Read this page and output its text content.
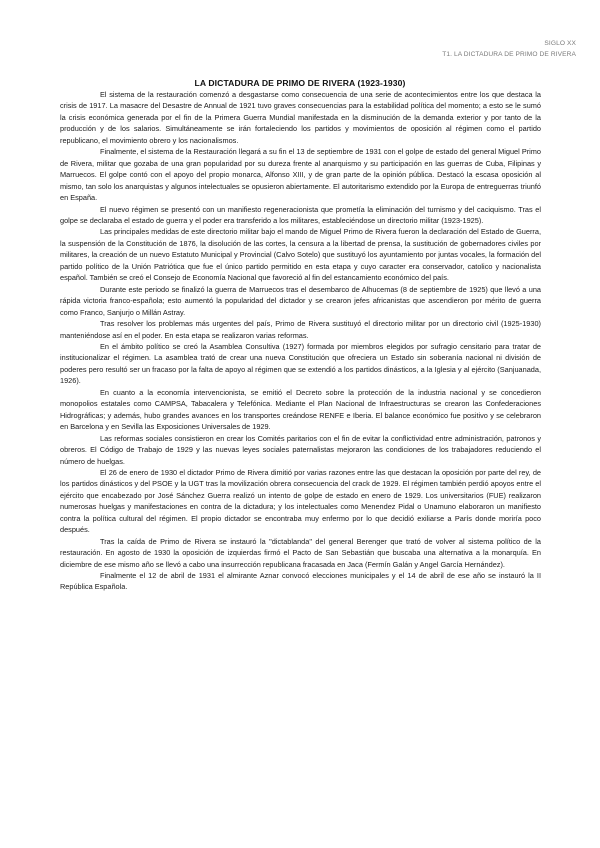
SIGLO XX
T1. LA DICTADURA DE PRIMO DE RIVERA
LA DICTADURA DE PRIMO DE RIVERA (1923-1930)

El sistema de la restauración comenzó a desgastarse como consecuencia de una serie de acontecimientos entre los que destaca la crisis de 1917. La masacre del Desastre de Annual de 1921 tuvo graves consecuencias para la estabilidad política del momento; a esto se le sumó la crisis económica generada por el fin de la Primera Guerra Mundial manifestada en la disminución de la demanda exterior y por tanto de la producción y de los salarios. Simultáneamente se irán fortaleciendo los partidos y movimientos de oposición al régimen como el partido republicano, el movimiento obrero y los nacionalismos.

Finalmente, el sistema de la Restauración llegará a su fin el 13 de septiembre de 1931 con el golpe de estado del general Miguel Primo de Rivera, militar que gozaba de una gran popularidad por su dureza frente al anarquismo y su participación en las guerras de Cuba, Filipinas y Marruecos. El golpe contó con el apoyo del propio monarca, Alfonso XIII, y de gran parte de la opinión pública. Destacó la escasa oposición al mismo, tan solo los anarquistas y algunos intelectuales se opusieron abiertamente. El autoritarismo extendido por la Europa de entreguerras triunfó en España.

El nuevo régimen se presentó con un manifiesto regeneracionista que prometía la eliminación del turnismo y del caciquismo. Tras el golpe se declaraba el estado de guerra y el poder era transferido a los militares, estableciéndose un directorio militar (1923-1925).

Las principales medidas de este directorio militar bajo el mando de Miguel Primo de Rivera fueron la declaración del Estado de Guerra, la suspensión de la Constitución de 1876, la disolución de las cortes, la censura a la libertad de prensa, la sustitución de gobernadores civiles por militares, la creación de un nuevo Estatuto Municipal y Provincial (Calvo Sotelo) que sustituyó los ayuntamiento por juntas vocales, la formación del partido político de la Unión Patriótica que fue el único partido permitido en esta etapa y cuyo caracter era conservador, catolico y nacionalista español. También se creó el Consejo de Economía Nacional que favoreció al fin del estancamiento económico del país.

Durante este periodo se finalizó la guerra de Marruecos tras el desembarco de Alhucemas (8 de septiembre de 1925) que llevó a una rápida victoria franco-española; esto aumentó la popularidad del dictador y se crearon jefes africanistas que ascendieron por mérito de guerra como Franco, Sanjurjo o Millán Astray.

Tras resolver los problemas más urgentes del país, Primo de Rivera sustituyó el directorio militar por un directorio civil (1925-1930) manteniéndose así en el poder. En esta etapa se realizaron varias reformas.

En el ámbito político se creó la Asamblea Consultiva (1927) formada por miembros elegidos por sufragio censitario para tratar de institucionalizar el régimen. La asamblea trató de crear una nueva Constitución que ofreciera un Estado sin soberanía nacional ni división de poderes pero resultó ser un fracaso por la falta de apoyo al régimen que se extendió a los partidos dinásticos, a la Iglesia y al ejército (Sanjuanada, 1926).

En cuanto a la economía intervencionista, se emitió el Decreto sobre la protección de la industria nacional y se concedieron monopolios estatales como CAMPSA, Tabacalera y Telefónica. Mediante el Plan Nacional de Infraestructuras se crearon las Confederaciones Hidrográficas; y además, hubo grandes avances en los transportes creándose RENFE e Iberia. El balance económico fue positivo y se celebraron en Barcelona y en Sevilla las Exposiciones Universales de 1929.

Las reformas sociales consistieron en crear los Comités paritarios con el fin de evitar la conflictividad entre administración, patronos y obreros. El Código de Trabajo de 1929 y las nuevas leyes sociales paternalistas mejoraron las condiciones de los trabajadores reduciendo el número de huelgas.

El 26 de enero de 1930 el dictador Primo de Rivera dimitió por varias razones entre las que destacan la oposición por parte del rey, de los partidos dinásticos y del PSOE y la UGT tras la movilización obrera consecuencia del crack de 1929. El régimen también perdió apoyos entre el ejército que encabezado por José Sánchez Guerra realizó un intento de golpe de estado en enero de 1929. Los universitarios (FUE) realizaron numerosas huelgas y manifestaciones en contra de la dictadura; y los intelectuales como Menendez Pidal o Unamuno elaboraron un manifiesto contra la política cultural del régimen. El propio dictador se encontraba muy enfermo por lo que decidió exiliarse a París donde moriría poco después.

Tras la caída de Primo de Rivera se instauró la "dictablanda" del general Berenger que trató de volver al sistema político de la restauración. En agosto de 1930 la oposición de izquierdas firmó el Pacto de San Sebastián que buscaba una alternativa a la monarquía. En diciembre de ese mismo año se llevó a cabo una insurrección republicana fracasada en Jaca (Fermín Galán y Angel García Hernández).

Finalmente el 12 de abril de 1931 el almirante Aznar convocó elecciones municipales y el 14 de abril de ese año se instauró la II República Española.
